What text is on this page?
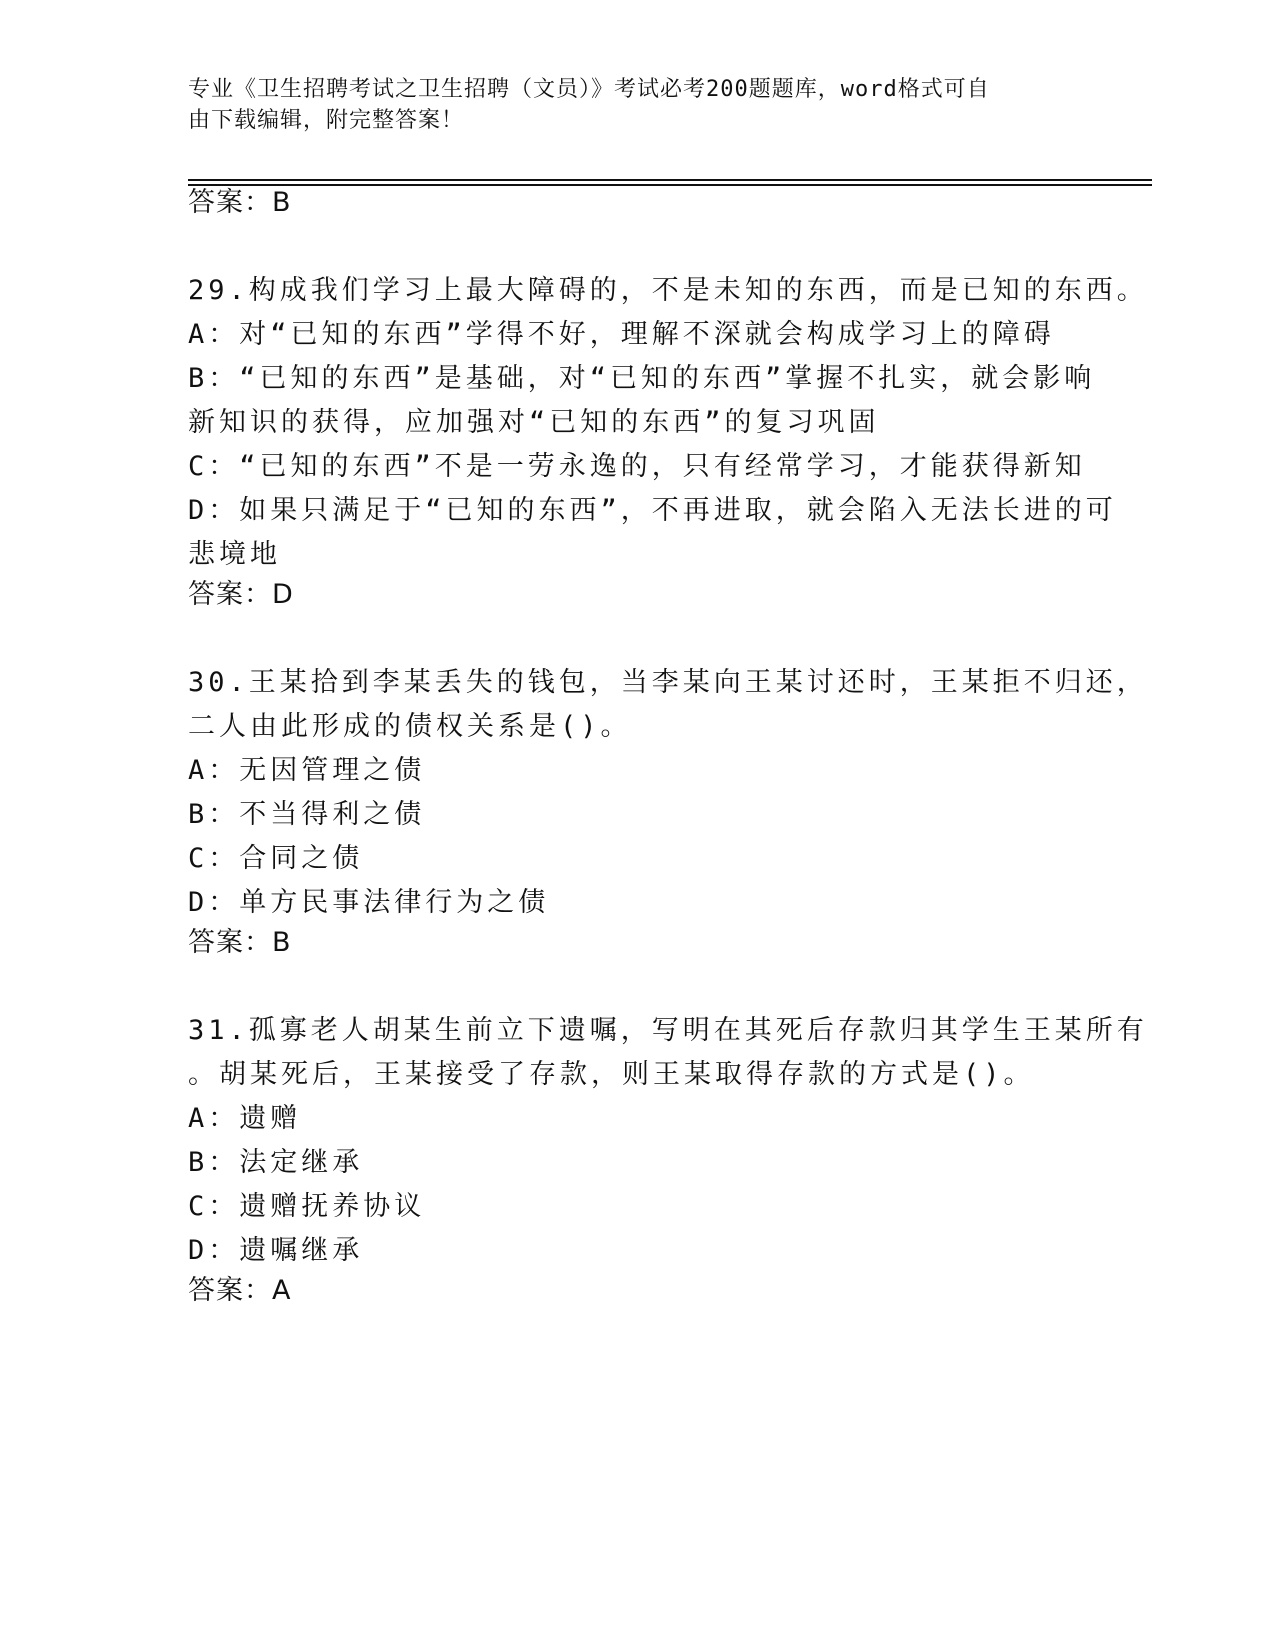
专业《卫生招聘考试之卫生招聘（文员）》考试必考200题题库，word格式可自
由下载编辑，附完整答案！
答案：B
29.构成我们学习上最大障碍的，不是未知的东西，而是已知的东西。
A：对“已知的东西”学得不好，理解不深就会构成学习上的障碍
B：“已知的东西”是基础，对“已知的东西”掌握不扎实，就会影响
新知识的获得，应加强对“已知的东西”的复习巩固
C：“已知的东西”不是一劳永逸的，只有经常学习，才能获得新知
D：如果只满足于“已知的东西”，不再进取，就会陷入无法长进的可
悲境地
答案：D
30.王某拾到李某丢失的钱包，当李某向王某讨还时，王某拒不归还，
二人由此形成的债权关系是()。
A：无因管理之债
B：不当得利之债
C：合同之债
D：单方民事法律行为之债
答案：B
31.孤寡老人胡某生前立下遗嘱，写明在其死后存款归其学生王某所有
。胡某死后，王某接受了存款，则王某取得存款的方式是()。
A：遗赠
B：法定继承
C：遗赠抚养协议
D：遗嘱继承
答案：A
